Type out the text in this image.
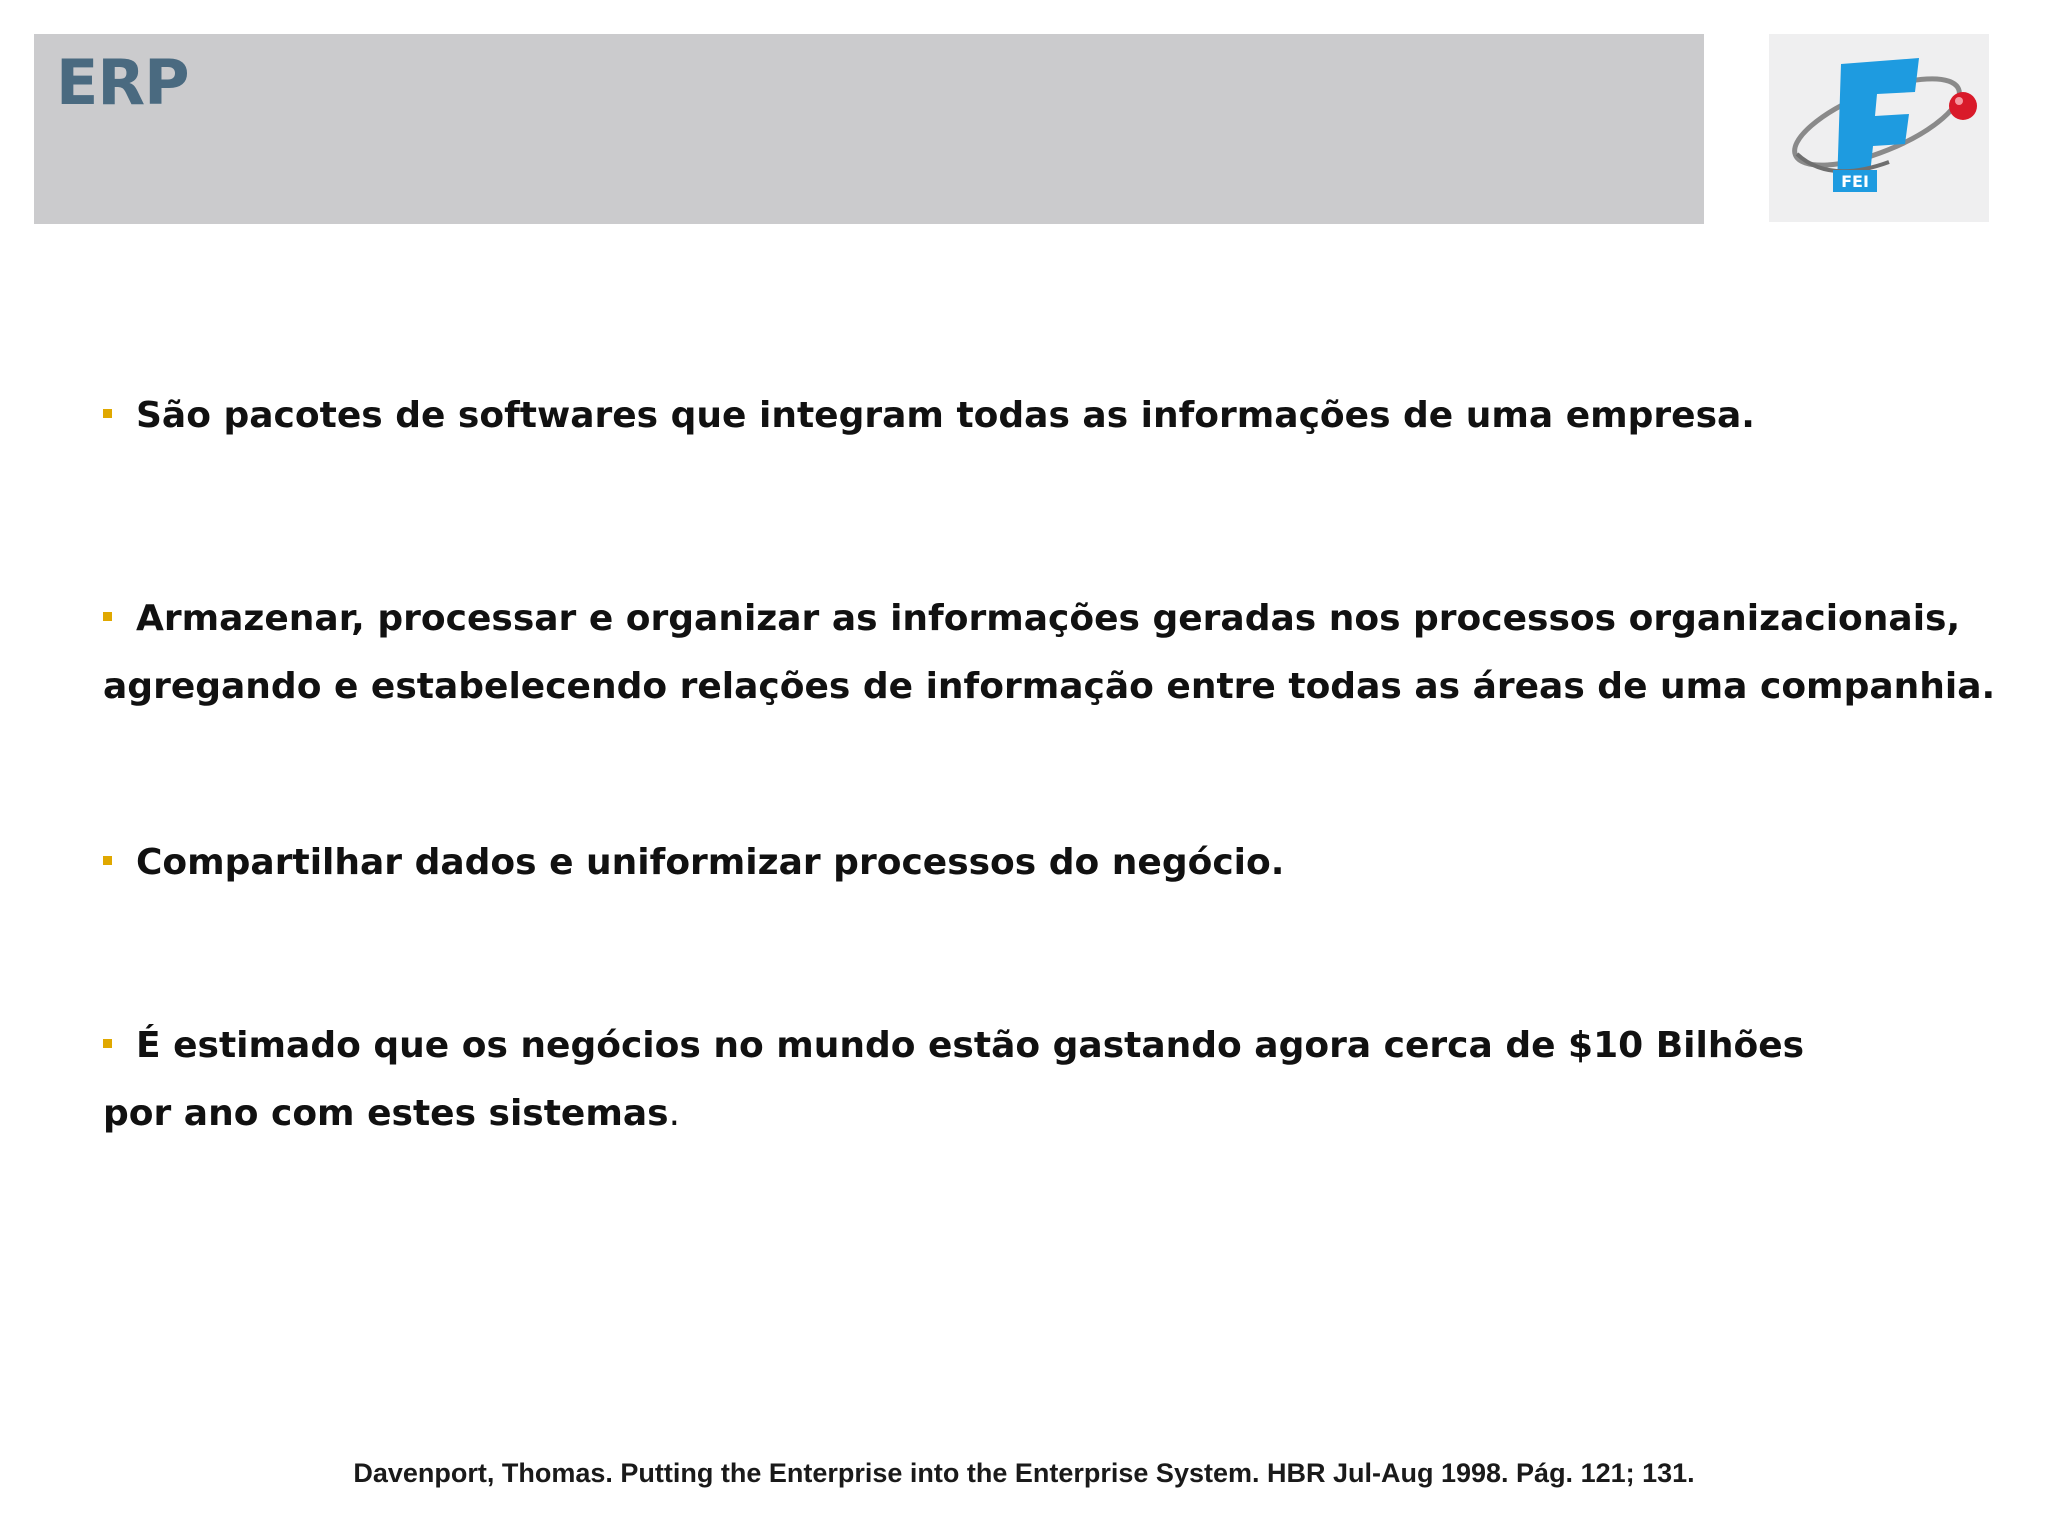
ERP
FEI
São pacotes de softwares que integram todas as informações de uma empresa.
Armazenar, processar e organizar as informações geradas nos processos organizacionais,
agregando e estabelecendo relações de informação entre todas as áreas de uma companhia.
Compartilhar dados e uniformizar processos do negócio.
É estimado que os negócios no mundo estão gastando agora cerca de $10 Bilhões
por ano com estes sistemas.

Davenport, Thomas. Putting the Enterprise into the Enterprise System. HBR Jul-Aug 1998. Pág. 121; 131.
